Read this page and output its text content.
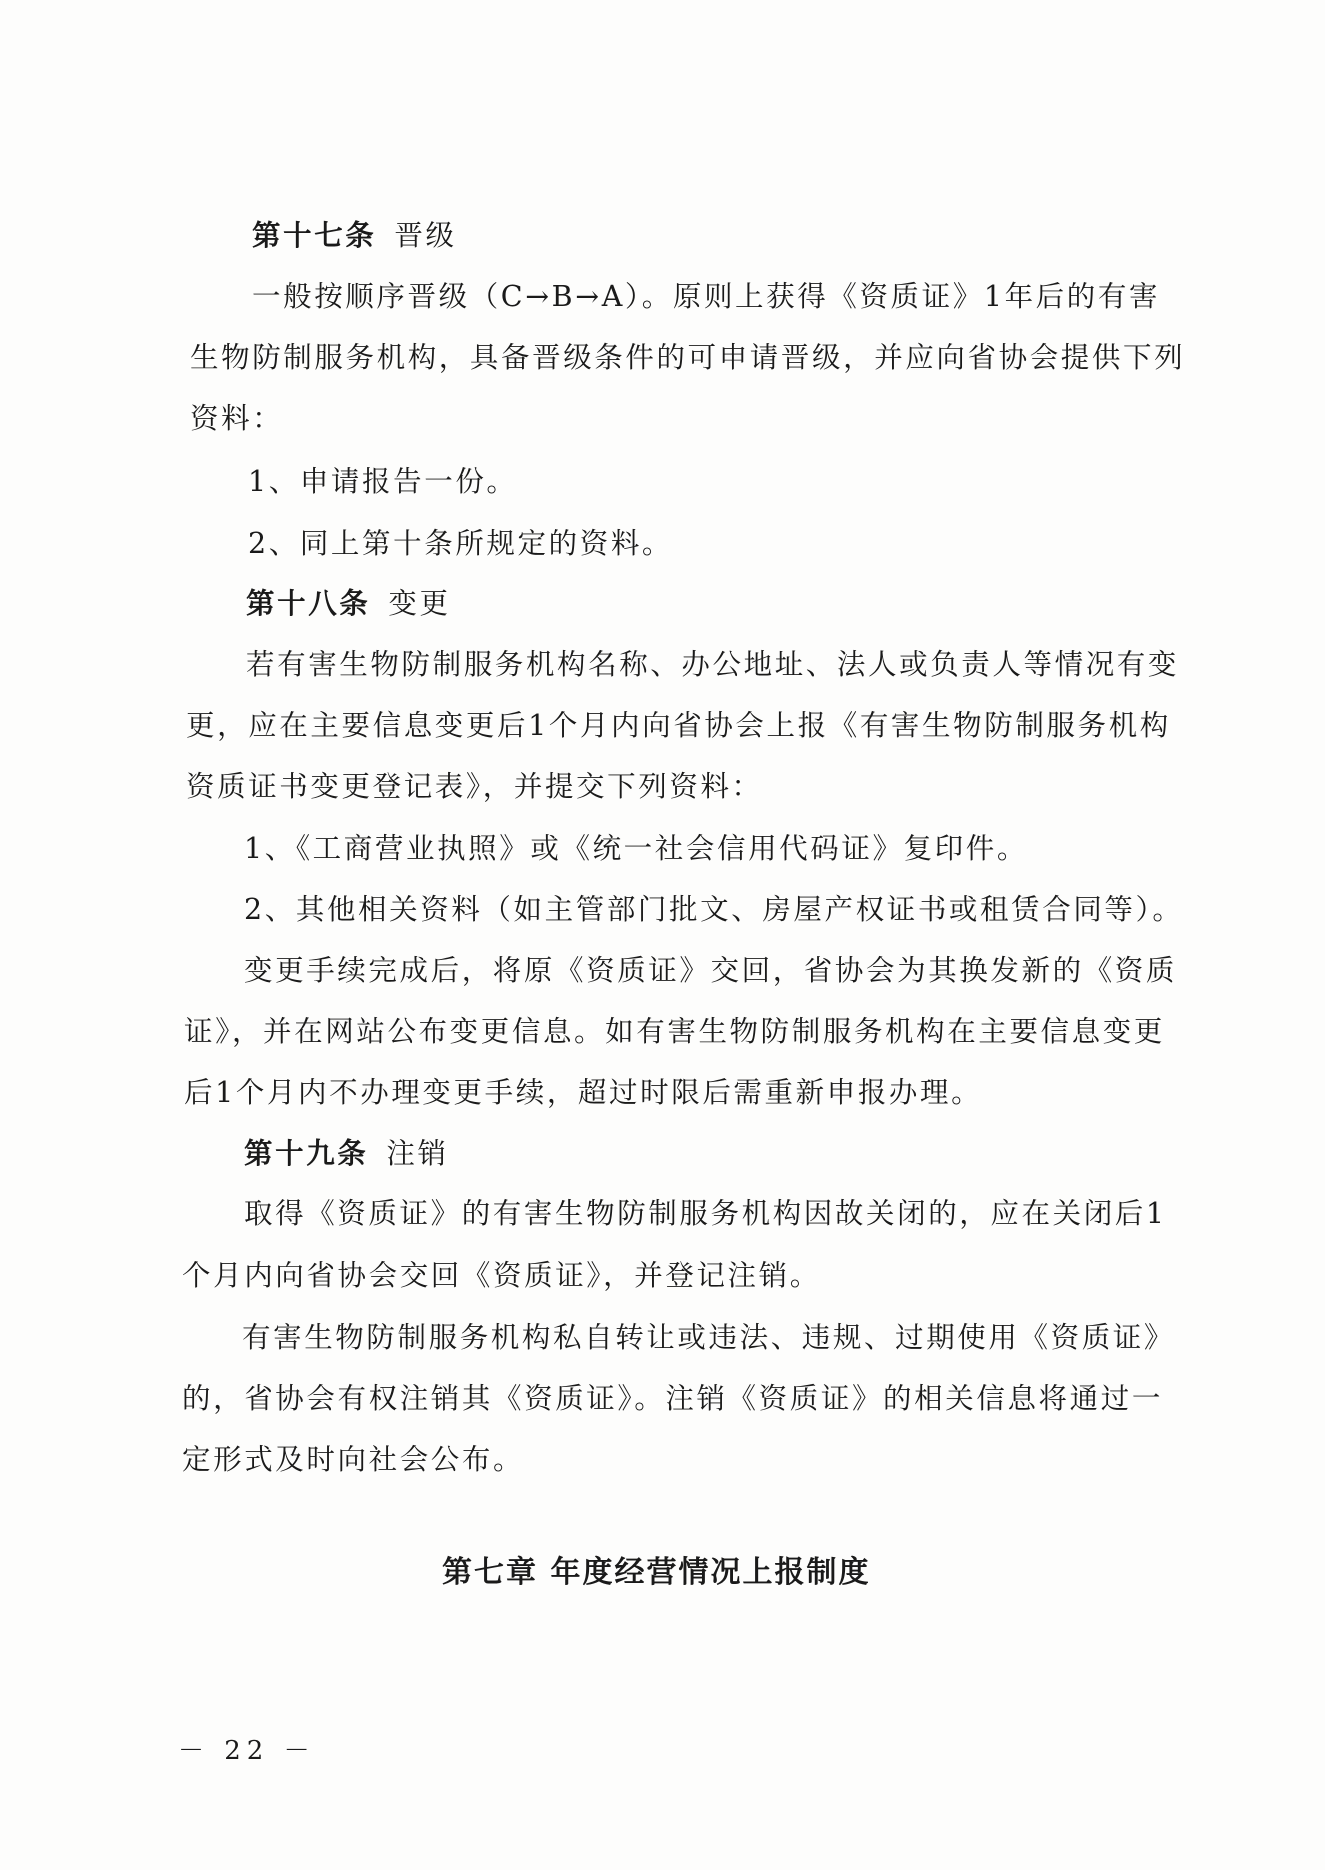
第十七条 晋级
一般按顺序晋级（C→B→A）。原则上获得《资质证》1年后的有害
生物防制服务机构，具备晋级条件的可申请晋级，并应向省协会提供下列
资料：
1、申请报告一份。
2、同上第十条所规定的资料。
第十八条 变更
若有害生物防制服务机构名称、办公地址、法人或负责人等情况有变
更，应在主要信息变更后1个月内向省协会上报《有害生物防制服务机构
资质证书变更登记表》，并提交下列资料：
1、《工商营业执照》或《统一社会信用代码证》复印件。
2、其他相关资料（如主管部门批文、房屋产权证书或租赁合同等）。
变更手续完成后，将原《资质证》交回，省协会为其换发新的《资质
证》，并在网站公布变更信息。如有害生物防制服务机构在主要信息变更
后1个月内不办理变更手续，超过时限后需重新申报办理。
第十九条 注销
取得《资质证》的有害生物防制服务机构因故关闭的，应在关闭后1
个月内向省协会交回《资质证》，并登记注销。
有害生物防制服务机构私自转让或违法、违规、过期使用《资质证》
的，省协会有权注销其《资质证》。注销《资质证》的相关信息将通过一
定形式及时向社会公布。
第七章 年度经营情况上报制度
－ 22 －
